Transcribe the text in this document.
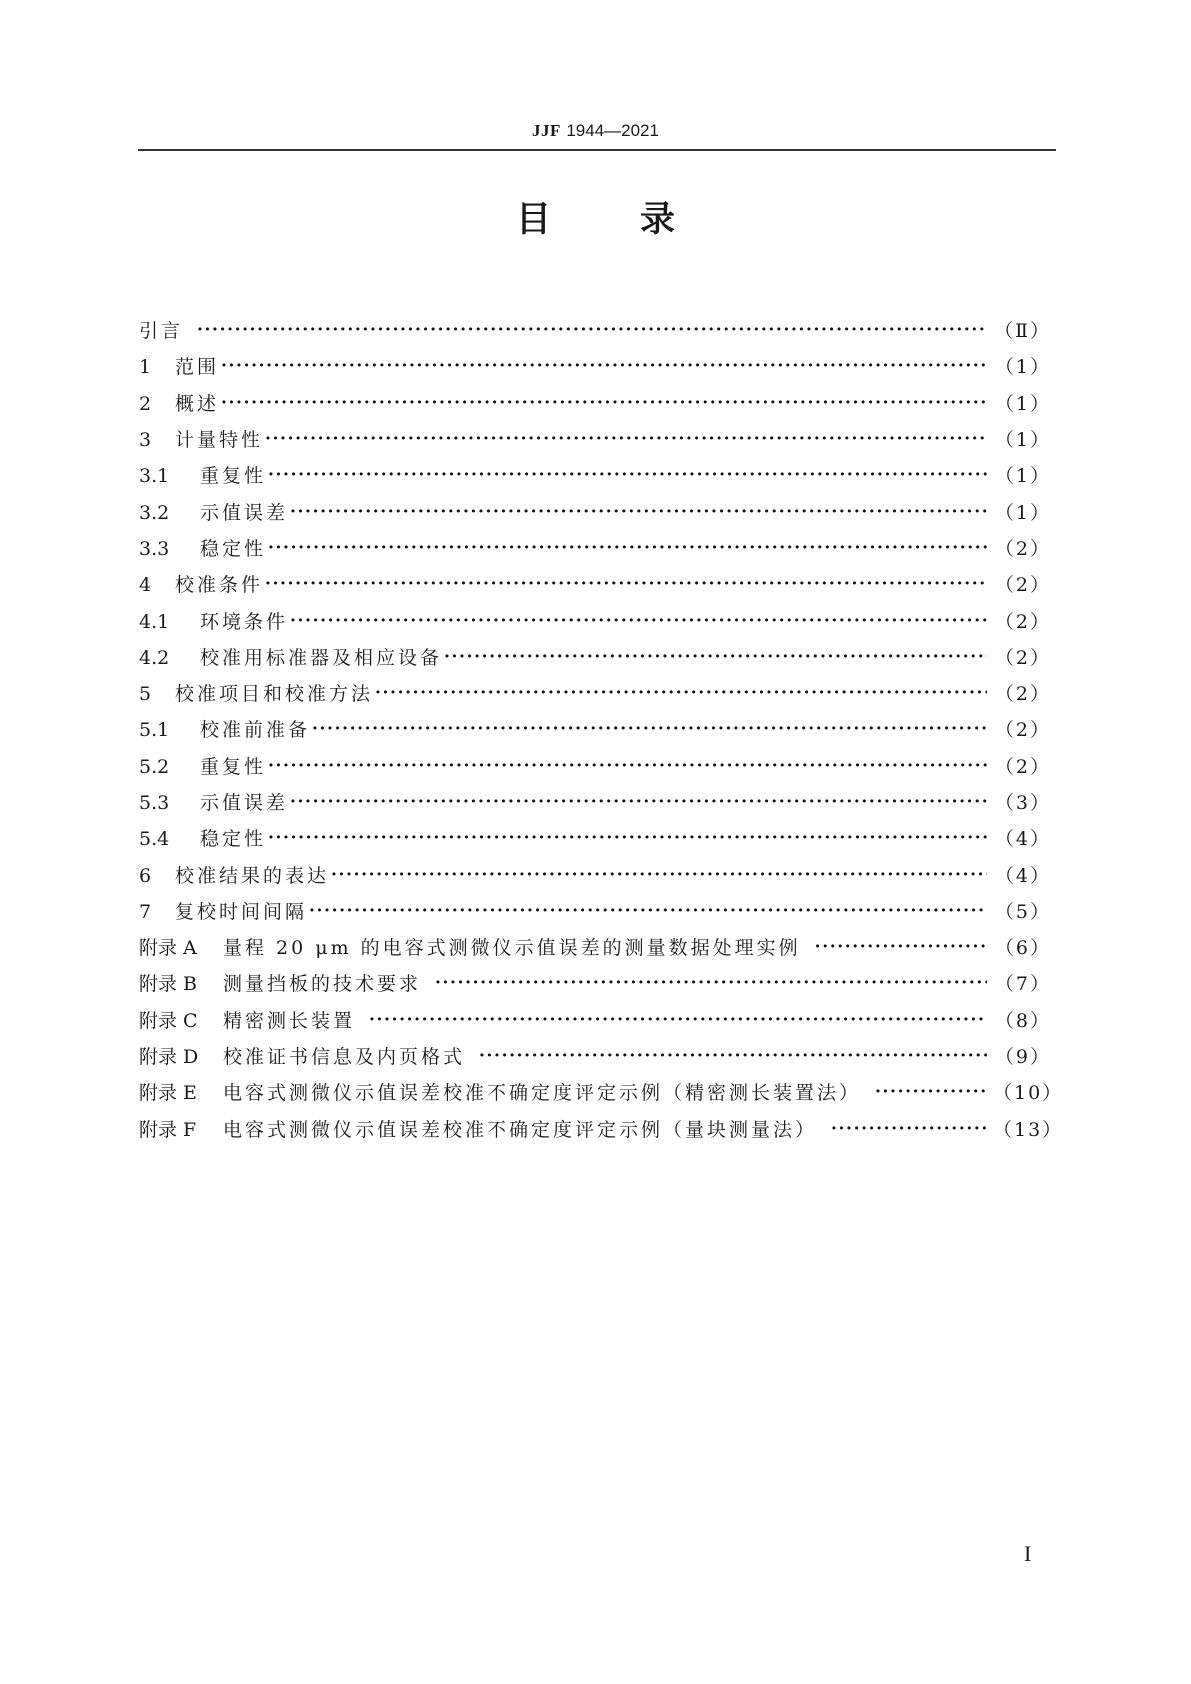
JJF 1944—2021
目	录
引言 ·····	（Ⅱ）
1	范围 ·····	（1）
2	概述 ·····	（1）
3	计量特性 ·····	（1）
3.1	重复性 ·····	（1）
3.2	示值误差 ·····	（1）
3.3	稳定性 ·····	（2）
4	校准条件 ·····	（2）
4.1	环境条件 ·····	（2）
4.2	校准用标准器及相应设备 ·····	（2）
5	校准项目和校准方法 ·····	（2）
5.1	校准前准备 ·····	（2）
5.2	重复性 ·····	（2）
5.3	示值误差 ·····	（3）
5.4	稳定性 ·····	（4）
6	校准结果的表达 ·····	（4）
7	复校时间间隔 ·····	（5）
附录 A	量程 20 μm 的电容式测微仪示值误差的测量数据处理实例 ·····	（6）
附录 B	测量挡板的技术要求 ·····	（7）
附录 C	精密测长装置 ·····	（8）
附录 D	校准证书信息及内页格式 ·····	（9）
附录 E	电容式测微仪示值误差校准不确定度评定示例（精密测长装置法） ·····	（10）
附录 F	电容式测微仪示值误差校准不确定度评定示例（量块测量法） ·····	（13）
I
